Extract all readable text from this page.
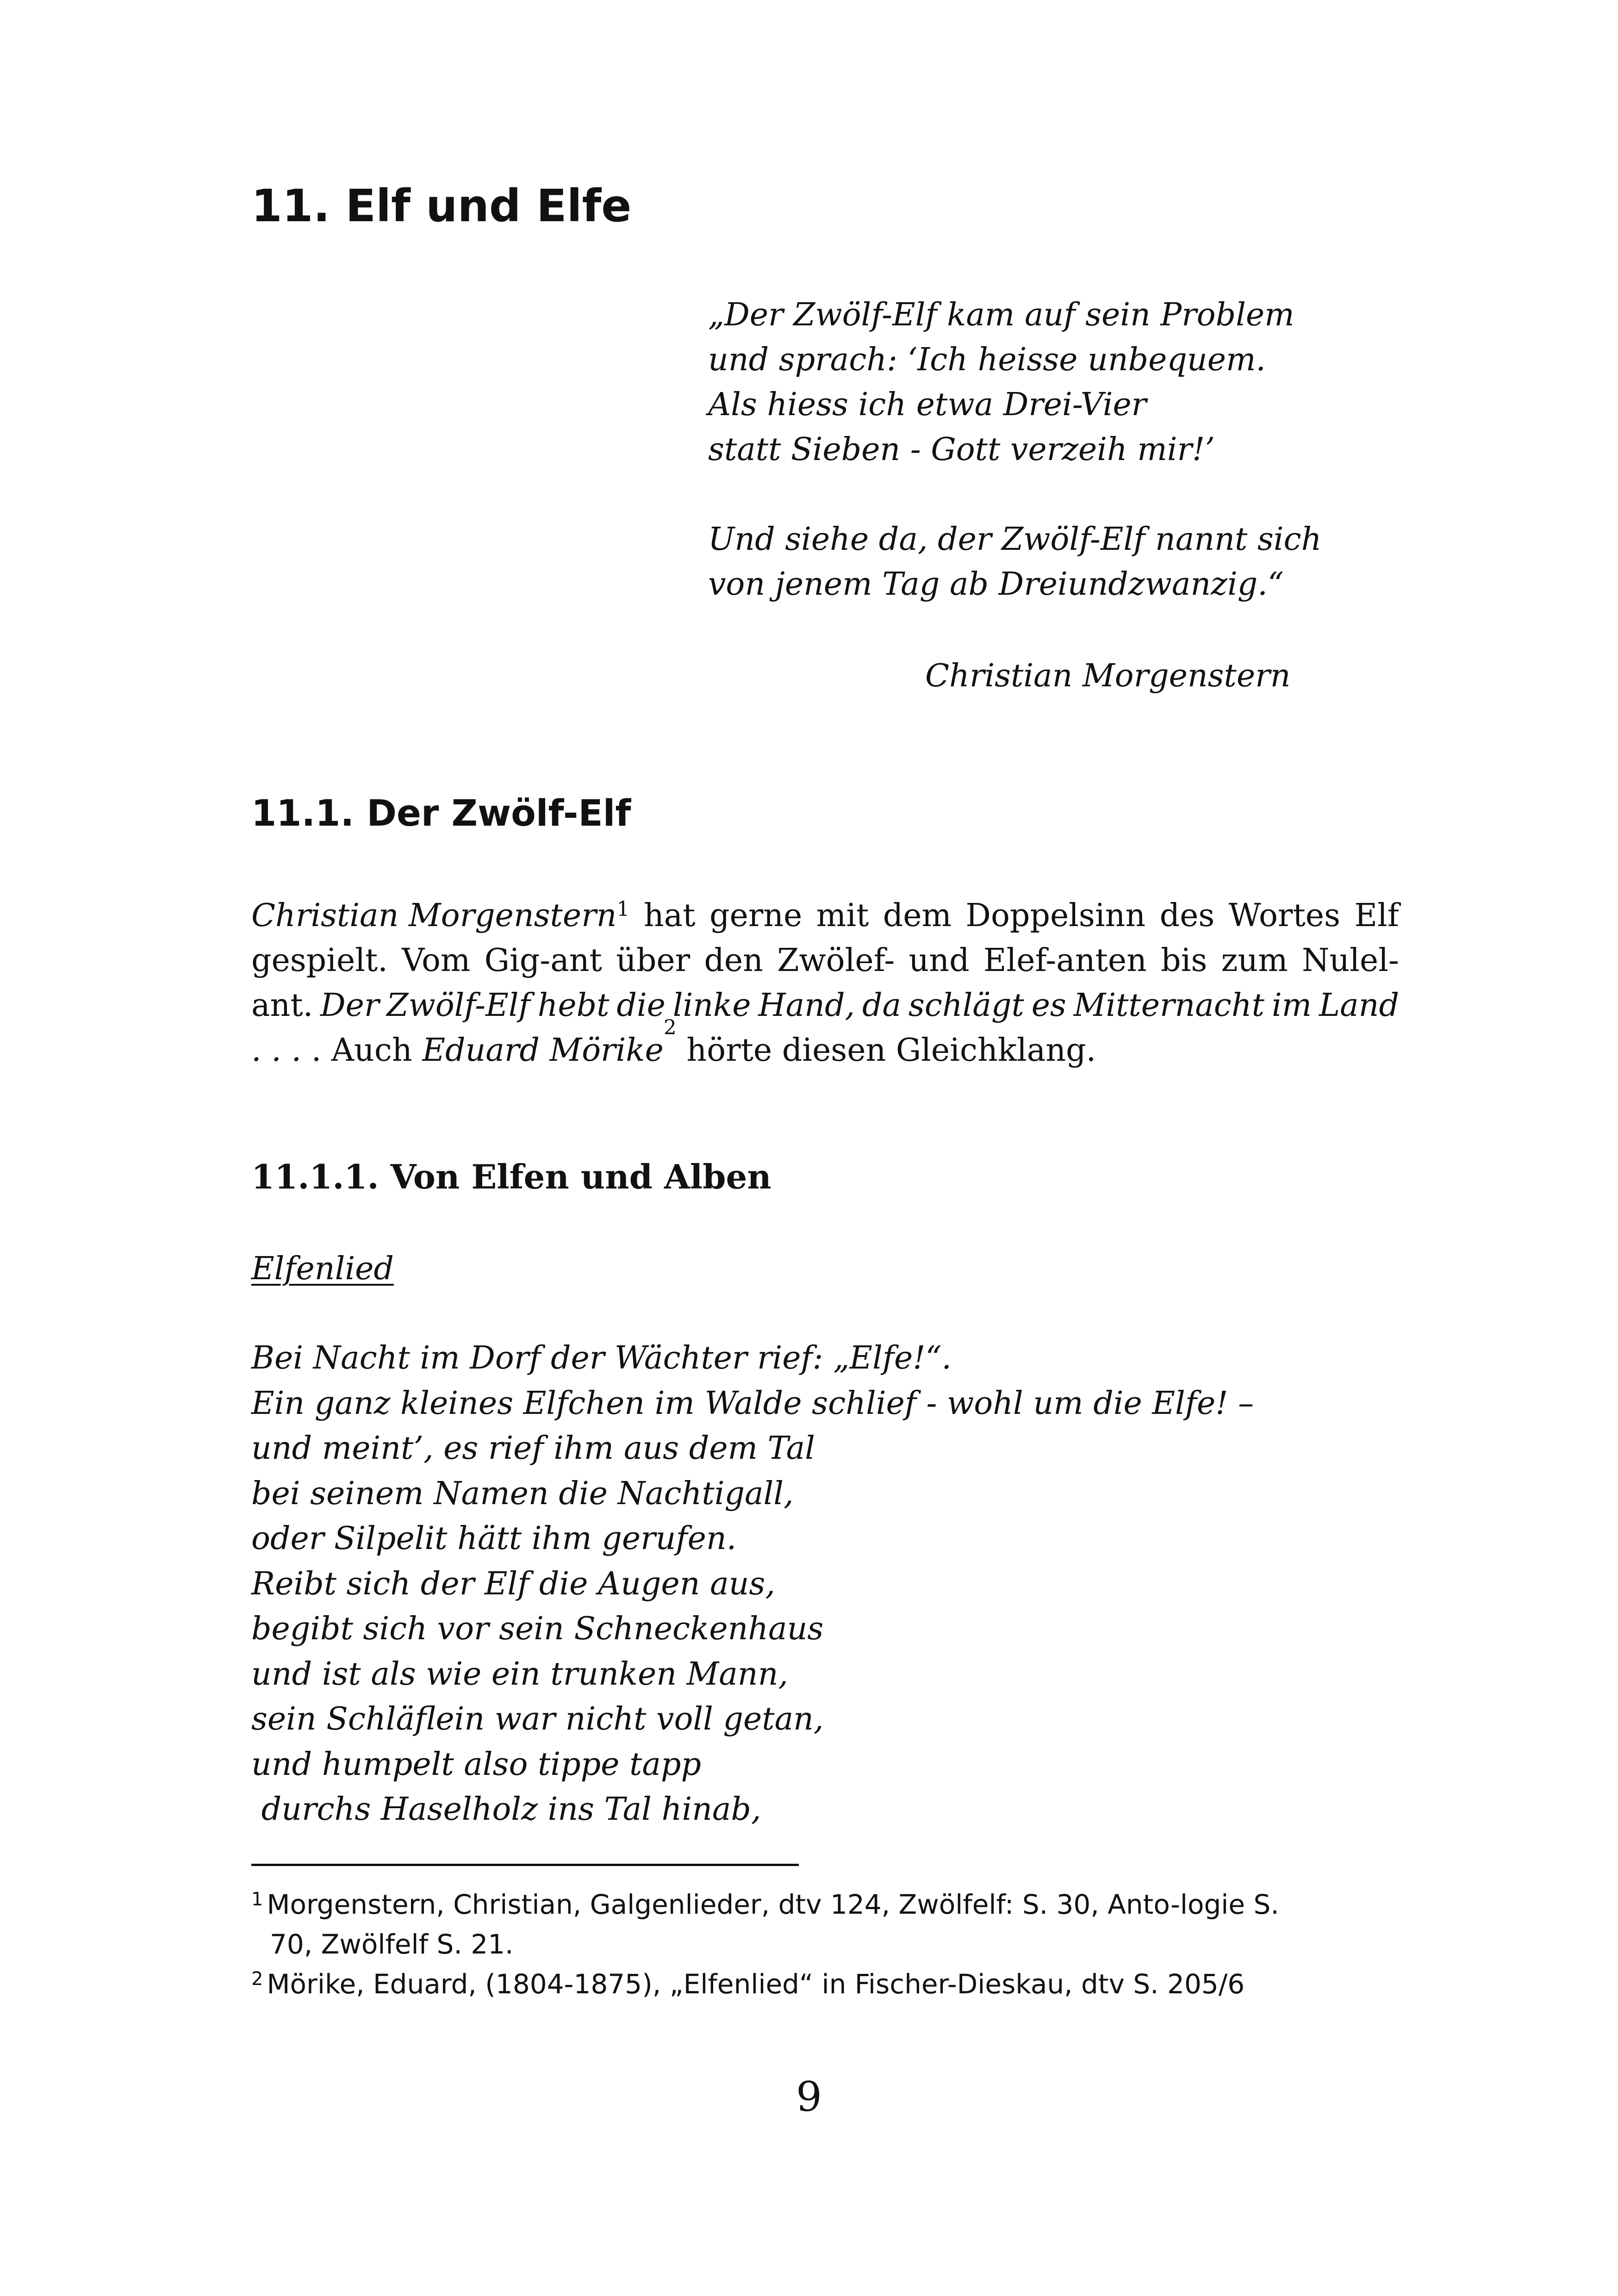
11. Elf und Elfe
„Der Zwölf-Elf kam auf sein Problem
und sprach: ‘Ich heisse unbequem.
Als hiess ich etwa Drei-Vier
statt Sieben - Gott verzeih mir!’
Und siehe da, der Zwölf-Elf nannt sich
von jenem Tag ab Dreiundzwanzig.“
Christian Morgenstern
11.1. Der Zwölf-Elf
Christian Morgenstern$^1$ hat gerne mit dem Doppelsinn des Wortes Elf
gespielt. Vom Gig-ant über den Zwölef- und Elef-anten bis zum Nulel-
ant. Der Zwölf-Elf hebt die linke Hand, da schlägt es Mitternacht im Land
. . . . Auch Eduard Mörike
2
hörte diesen Gleichklang.
11.1.1. Von Elfen und Alben
Elfenlied
Bei Nacht im Dorf der Wächter rief: „Elfe!“.
Ein ganz kleines Elfchen im Walde schlief - wohl um die Elfe! –
und meint’, es rief ihm aus dem Tal
bei seinem Namen die Nachtigall,
oder Silpelit hätt ihm gerufen.
Reibt sich der Elf die Augen aus,
begibt sich vor sein Schneckenhaus
und ist als wie ein trunken Mann,
sein Schläflein war nicht voll getan,
und humpelt also tippe tapp
durchs Haselholz ins Tal hinab,
$^1$ Morgenstern, Christian, Galgenlieder, dtv 124, Zwölfelf: S. 30, Anto-logie S.
70, Zwölfelf S. 21.
$^2$ Mörike, Eduard, (1804-1875), „Elfenlied“ in Fischer-Dieskau, dtv S. 205/6
9
